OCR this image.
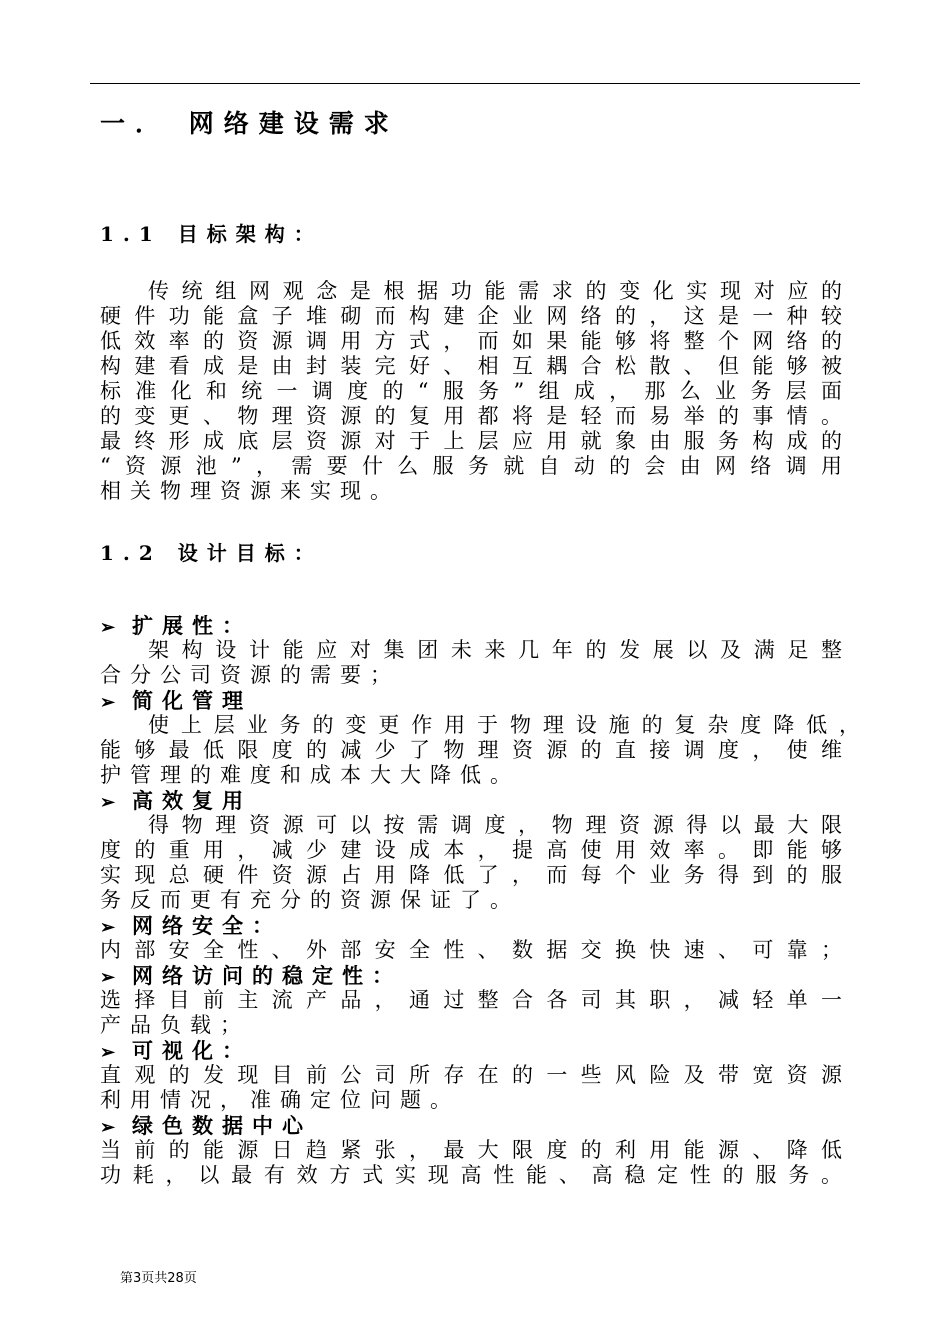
一． 网络建设需求
1.1 目标架构：
传统组网观念是根据功能需求的变化实现对应的
硬件功能盒子堆砌而构建企业网络的，这是一种较
低效率的资源调用方式，而如果能够将整个网络的
构建看成是由封装完好、相互耦合松散、但能够被
标准化和统一调度的“服务”组成，那么业务层面
的变更、物理资源的复用都将是轻而易举的事情。
最终形成底层资源对于上层应用就象由服务构成的
“资源池”，需要什么服务就自动的会由网络调用
相关物理资源来实现。
1.2 设计目标：
➢ 扩展性：
架构设计能应对集团未来几年的发展以及满足整
合分公司资源的需要；
➢ 简化管理
使上层业务的变更作用于物理设施的复杂度降低，
能够最低限度的减少了物理资源的直接调度，使维
护管理的难度和成本大大降低。
➢ 高效复用
得物理资源可以按需调度，物理资源得以最大限
度的重用，减少建设成本，提高使用效率。即能够
实现总硬件资源占用降低了，而每个业务得到的服
务反而更有充分的资源保证了。
➢ 网络安全：
内部安全性、外部安全性、数据交换快速、可靠；
➢ 网络访问的稳定性：
选择目前主流产品，通过整合各司其职，减轻单一
产品负载；
➢ 可视化：
直观的发现目前公司所存在的一些风险及带宽资源
利用情况，准确定位问题。
➢ 绿色数据中心
当前的能源日趋紧张，最大限度的利用能源、降低
功耗，以最有效方式实现高性能、高稳定性的服务。
第3页共28页
